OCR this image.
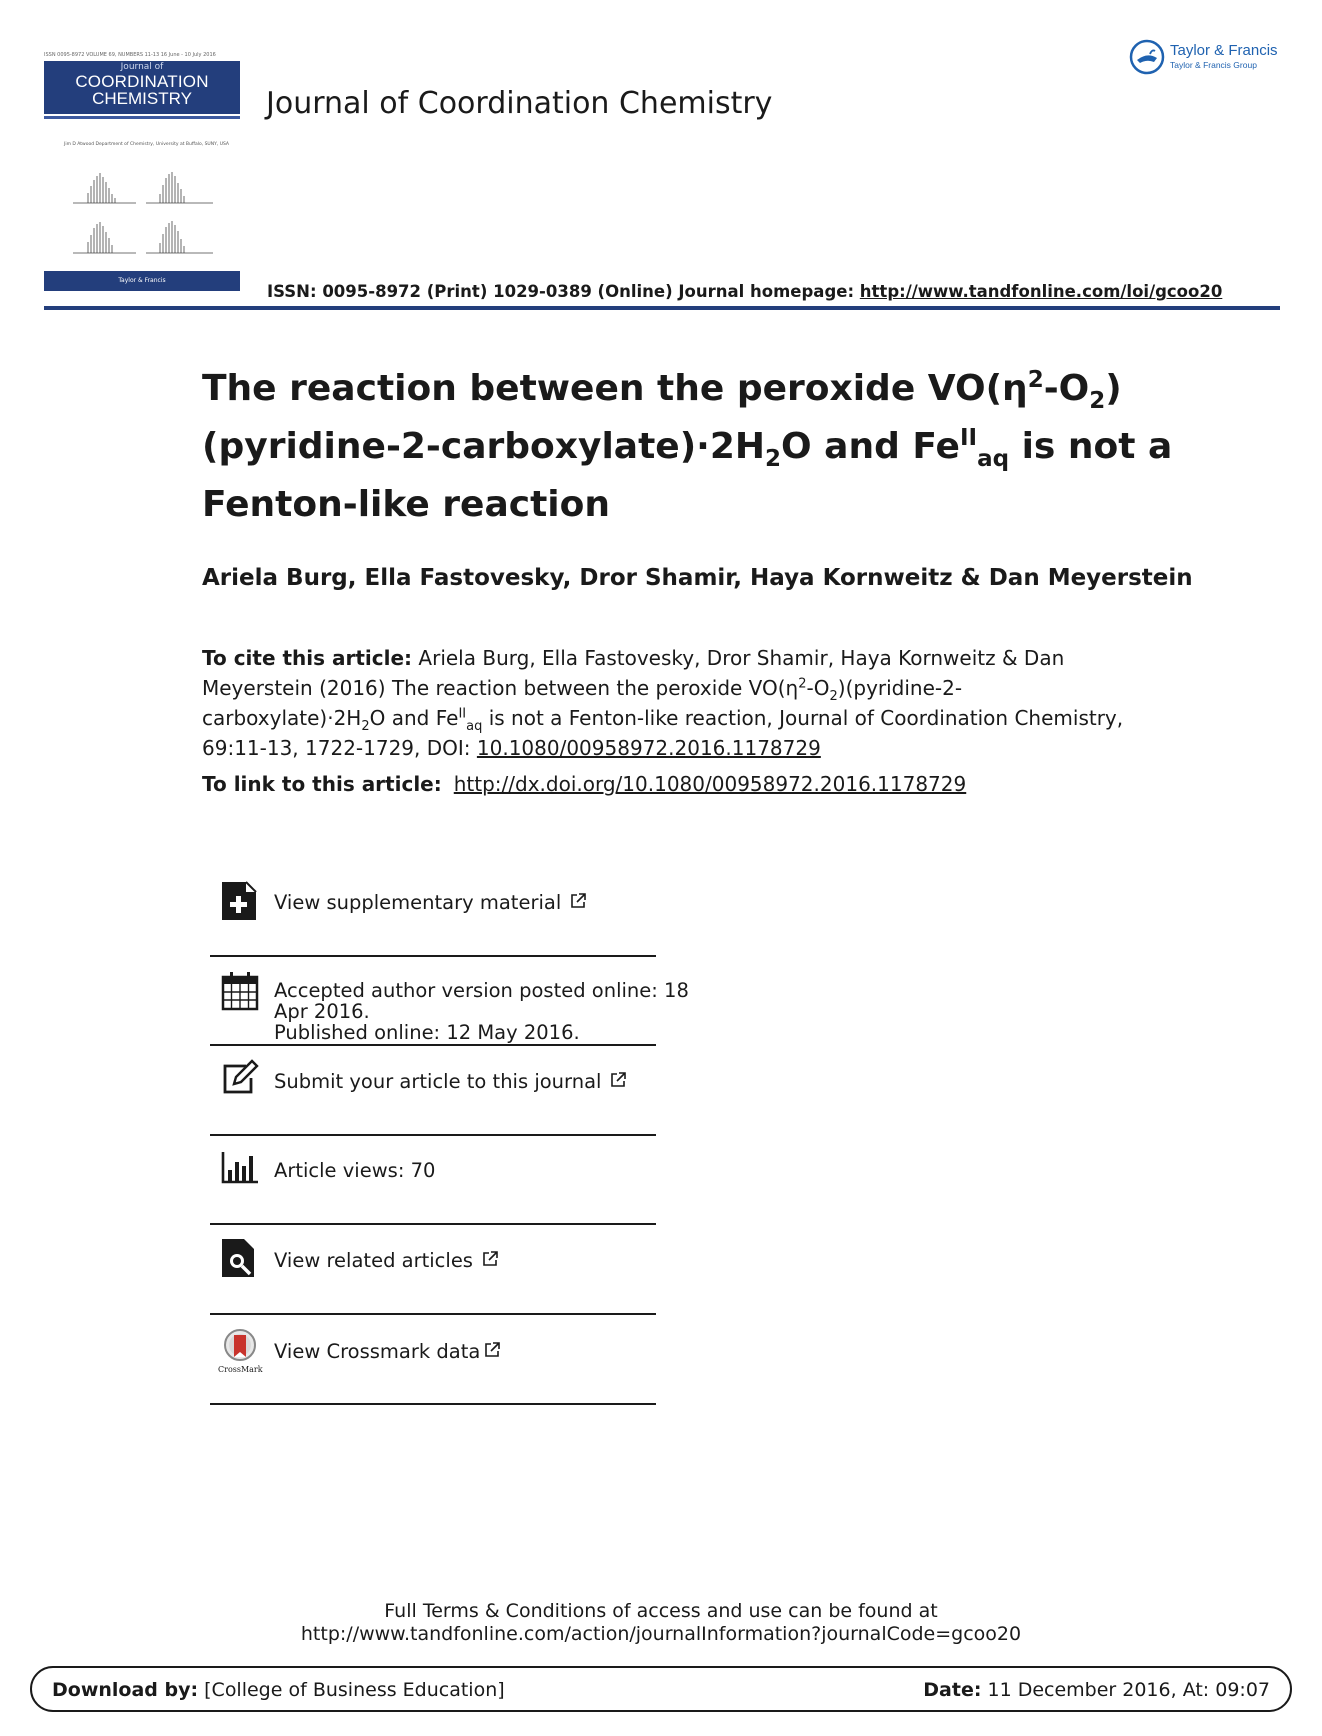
ISSN 0095-8972 VOLUME 69, NUMBERS 11-13 16 June - 10 July 2016
Journal of
COORDINATION
CHEMISTRY
Jim D Atwood Department of Chemistry, University at Buffalo, SUNY, USA
Taylor & Francis
Journal of Coordination Chemistry
Taylor & Francis
Taylor & Francis Group
ISSN: 0095-8972 (Print) 1029-0389 (Online) Journal homepage: http://www.tandfonline.com/loi/gcoo20
The reaction between the peroxide $VO(\eta^2-O_2)$
$(pyridine-2-carboxylate)\cdot 2H_2O$ and $Fe^{II}_{aq}$ is not a
Fenton-like reaction
Ariela Burg, Ella Fastovesky, Dror Shamir, Haya Kornweitz & Dan Meyerstein
To cite this article: Ariela Burg, Ella Fastovesky, Dror Shamir, Haya Kornweitz & Dan Meyerstein (2016) The reaction between the peroxide $VO(\eta^2-O_2)(pyridine-2-carboxylate)\cdot 2H_2O$ and $Fe^{II}_{aq}$ is not a Fenton-like reaction, Journal of Coordination Chemistry, 69:11-13, 1722-1729, DOI: 10.1080/00958972.2016.1178729
To link to this article: http://dx.doi.org/10.1080/00958972.2016.1178729
View supplementary material
Accepted author version posted online: 18
Apr 2016.
Published online: 12 May 2016.
Submit your article to this journal
Article views: 70
View related articles
CrossMark
View Crossmark data
Full Terms & Conditions of access and use can be found at
http://www.tandfonline.com/action/journalInformation?journalCode=gcoo20
Download by: [College of Business Education]	Date: 11 December 2016, At: 09:07
